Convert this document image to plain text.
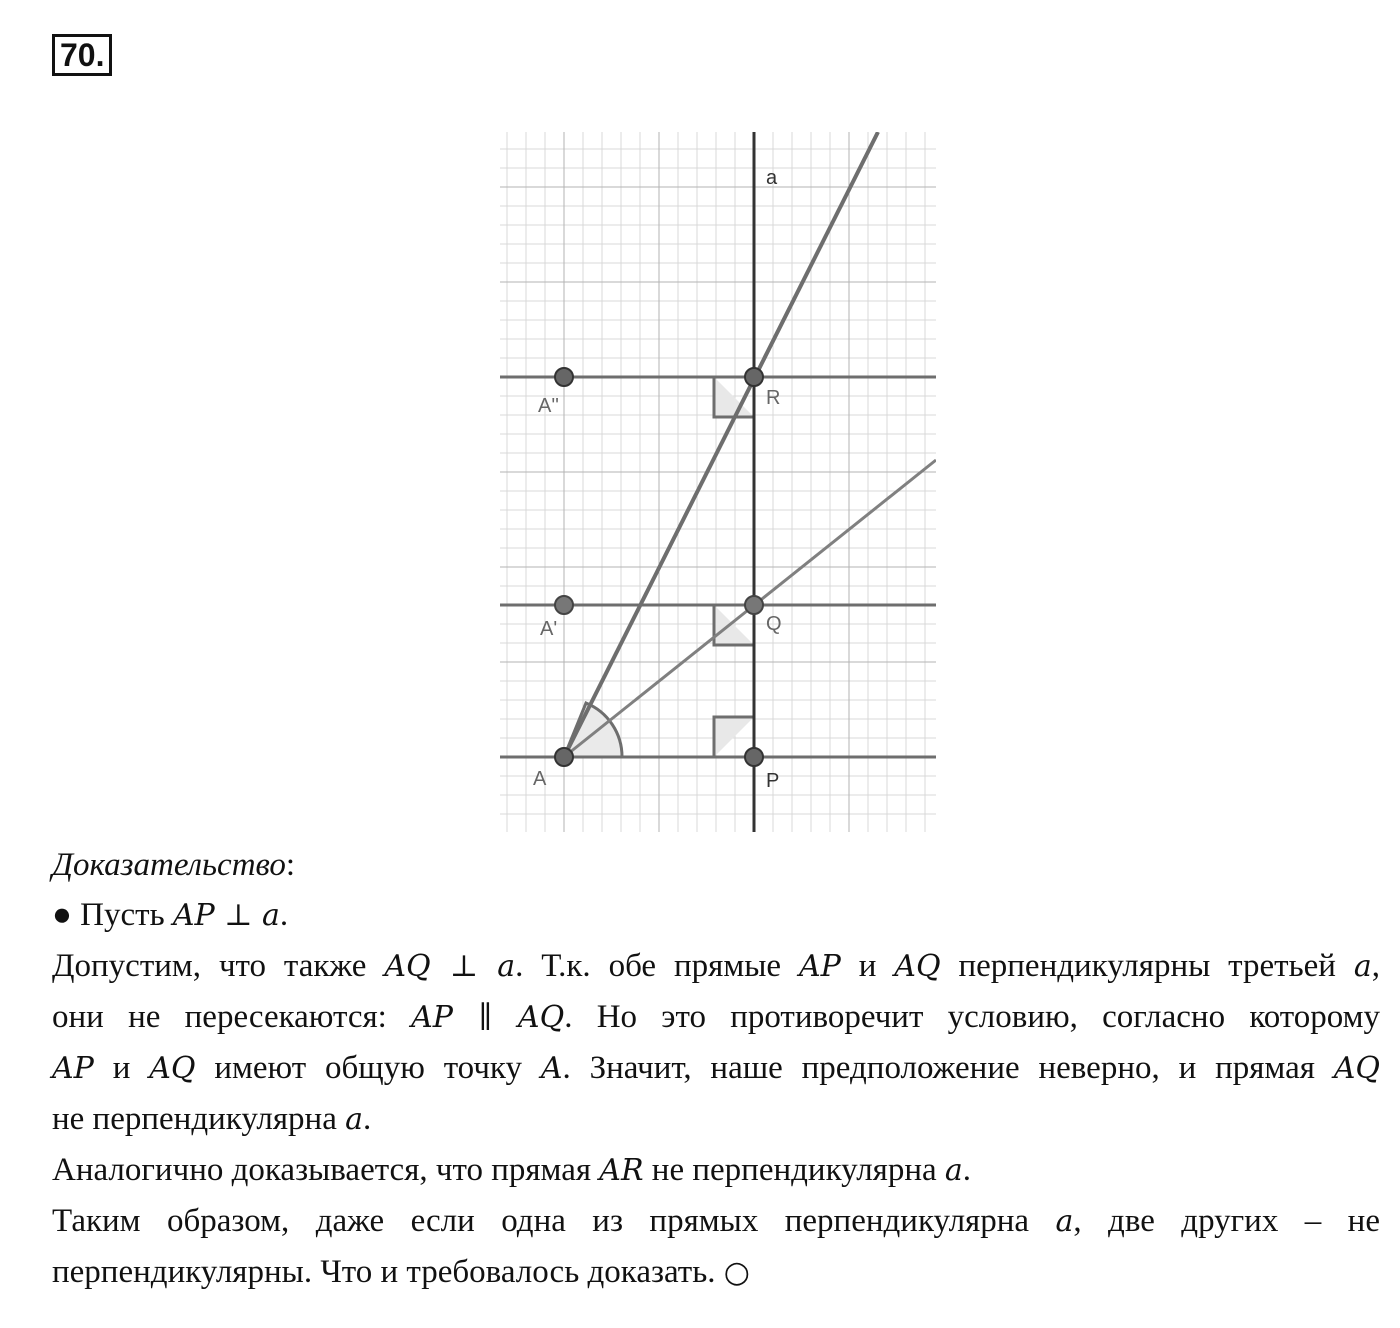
70.
a
A	P
Q
R
A'
A''
Доказательство:
● Пусть AP ⊥ a.
Допустим, что также AQ ⊥ a. Т.к. обе прямые AP и AQ перпендикулярны третьей a,
они не пересекаются: AP ∥ AQ. Но это противоречит условию, согласно которому
AP и AQ имеют общую точку A. Значит, наше предположение неверно, и прямая AQ
не перпендикулярна a.
Аналогично доказывается, что прямая AR не перпендикулярна a.
Таким образом, даже если одна из прямых перпендикулярна a, две других – не
перпендикулярны. Что и требовалось доказать. ○
